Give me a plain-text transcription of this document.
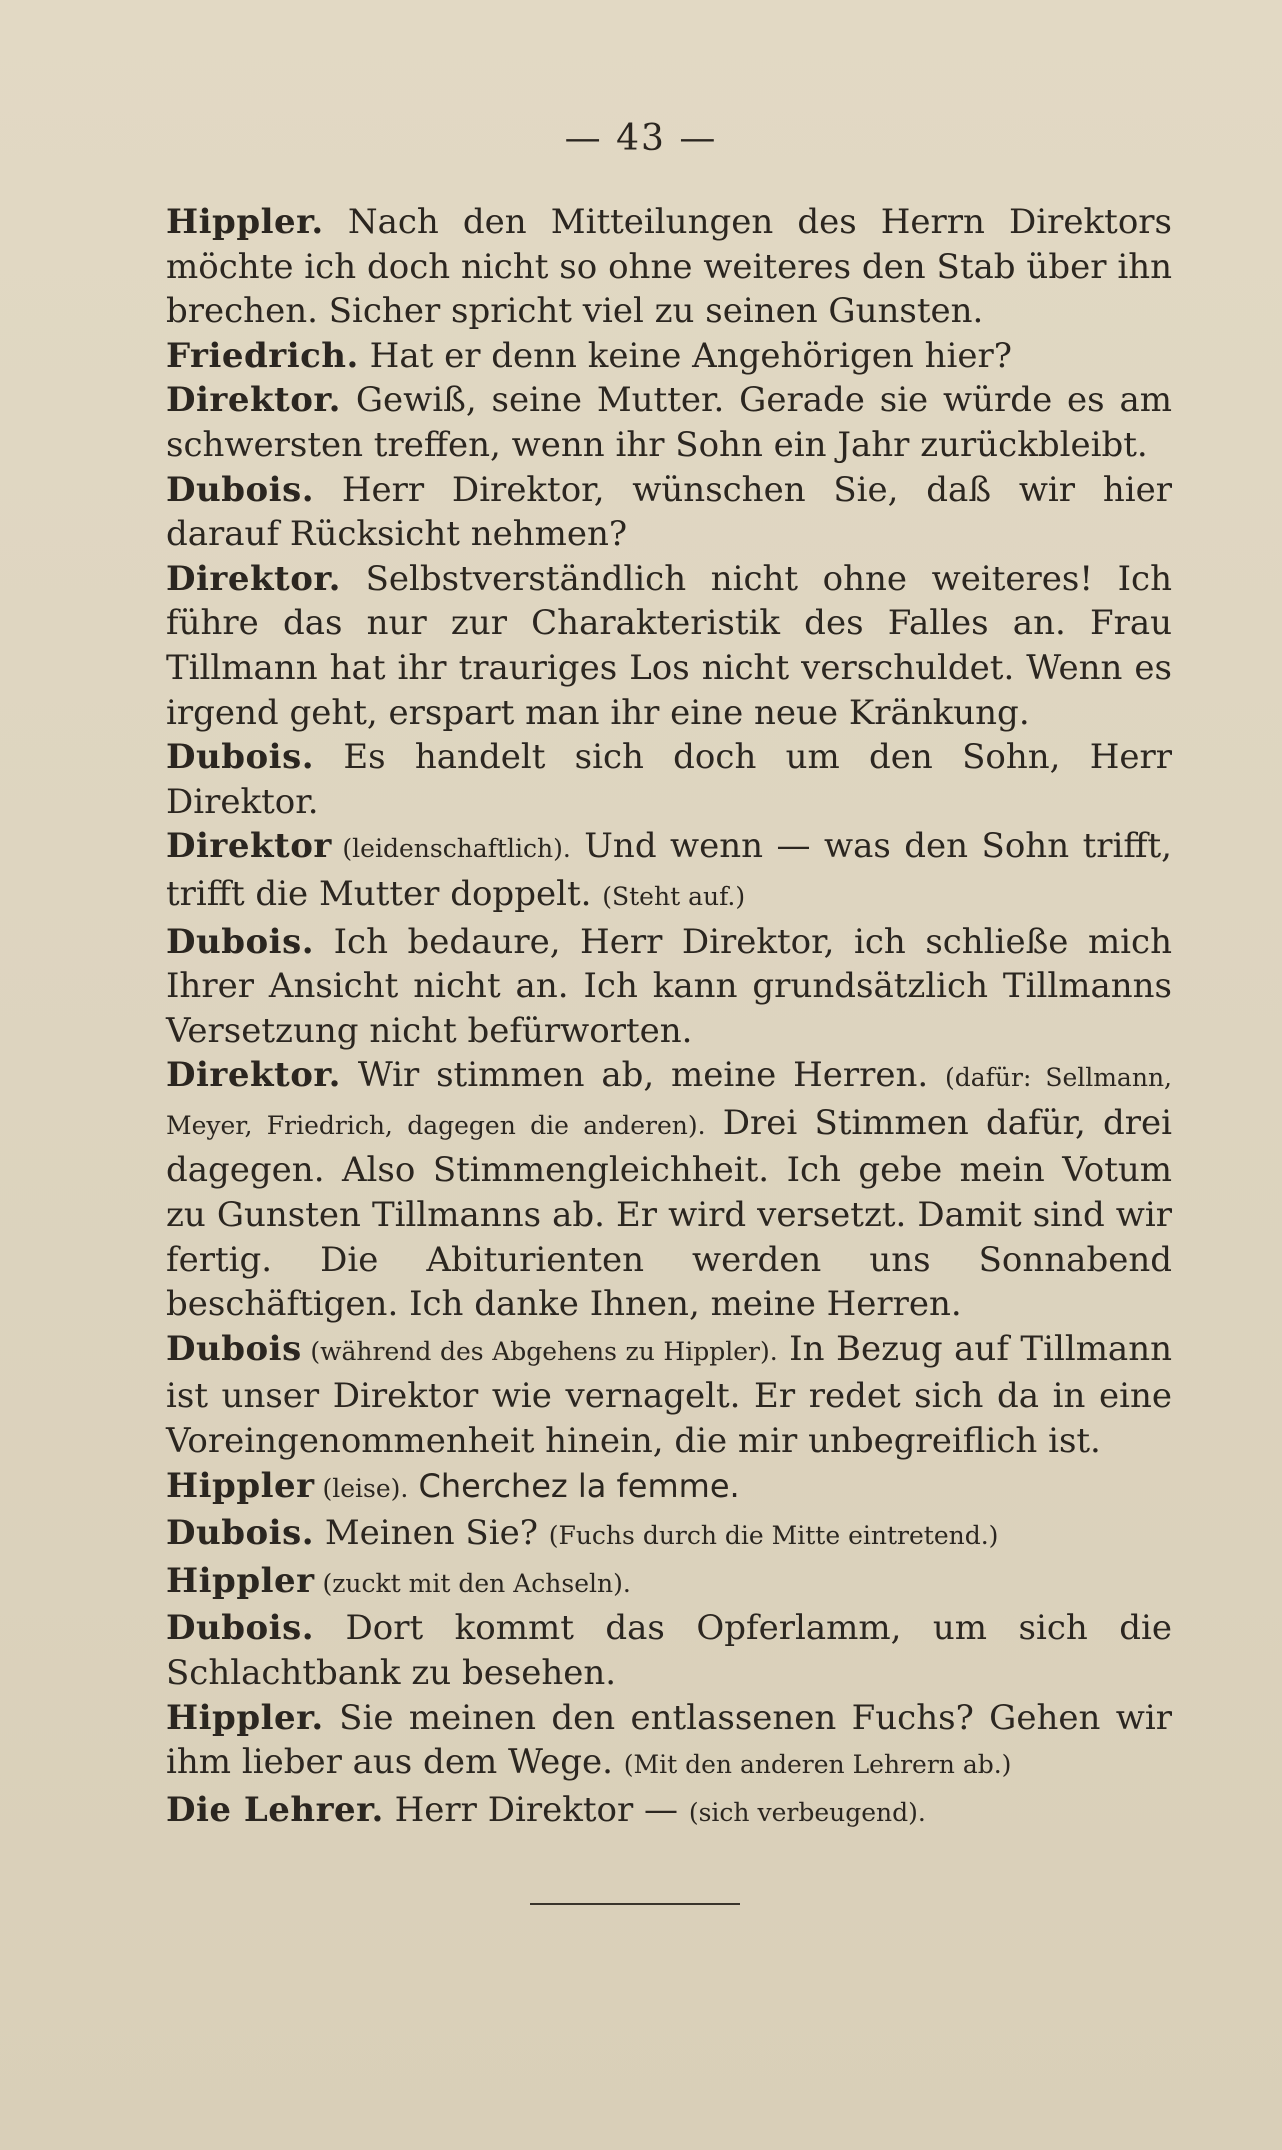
— 43 —
Hippler. Nach den Mitteilungen des Herrn Direktors möchte ich doch nicht so ohne weiteres den Stab über ihn brechen. Sicher spricht viel zu seinen Gunsten.
Friedrich. Hat er denn keine Angehörigen hier?
Direktor. Gewiß, seine Mutter. Gerade sie würde es am schwersten treffen, wenn ihr Sohn ein Jahr zurückbleibt.
Dubois. Herr Direktor, wünschen Sie, daß wir hier darauf Rücksicht nehmen?
Direktor. Selbstverständlich nicht ohne weiteres! Ich führe das nur zur Charakteristik des Falles an. Frau Tillmann hat ihr trauriges Los nicht verschuldet. Wenn es irgend geht, erspart man ihr eine neue Kränkung.
Dubois. Es handelt sich doch um den Sohn, Herr Direktor.
Direktor (leidenschaftlich). Und wenn — was den Sohn trifft, trifft die Mutter doppelt. (Steht auf.)
Dubois. Ich bedaure, Herr Direktor, ich schließe mich Ihrer Ansicht nicht an. Ich kann grundsätzlich Tillmanns Versetzung nicht befürworten.
Direktor. Wir stimmen ab, meine Herren. (dafür: Sellmann, Meyer, Friedrich, dagegen die anderen). Drei Stimmen dafür, drei dagegen. Also Stimmengleichheit. Ich gebe mein Votum zu Gunsten Tillmanns ab. Er wird versetzt. Damit sind wir fertig. Die Abiturienten werden uns Sonnabend beschäftigen. Ich danke Ihnen, meine Herren.
Dubois (während des Abgehens zu Hippler). In Bezug auf Tillmann ist unser Direktor wie vernagelt. Er redet sich da in eine Voreingenommenheit hinein, die mir unbegreiflich ist.
Hippler (leise). Cherchez la femme.
Dubois. Meinen Sie? (Fuchs durch die Mitte eintretend.)
Hippler (zuckt mit den Achseln).
Dubois. Dort kommt das Opferlamm, um sich die Schlachtbank zu besehen.
Hippler. Sie meinen den entlassenen Fuchs? Gehen wir ihm lieber aus dem Wege. (Mit den anderen Lehrern ab.)
Die Lehrer. Herr Direktor — (sich verbeugend).
